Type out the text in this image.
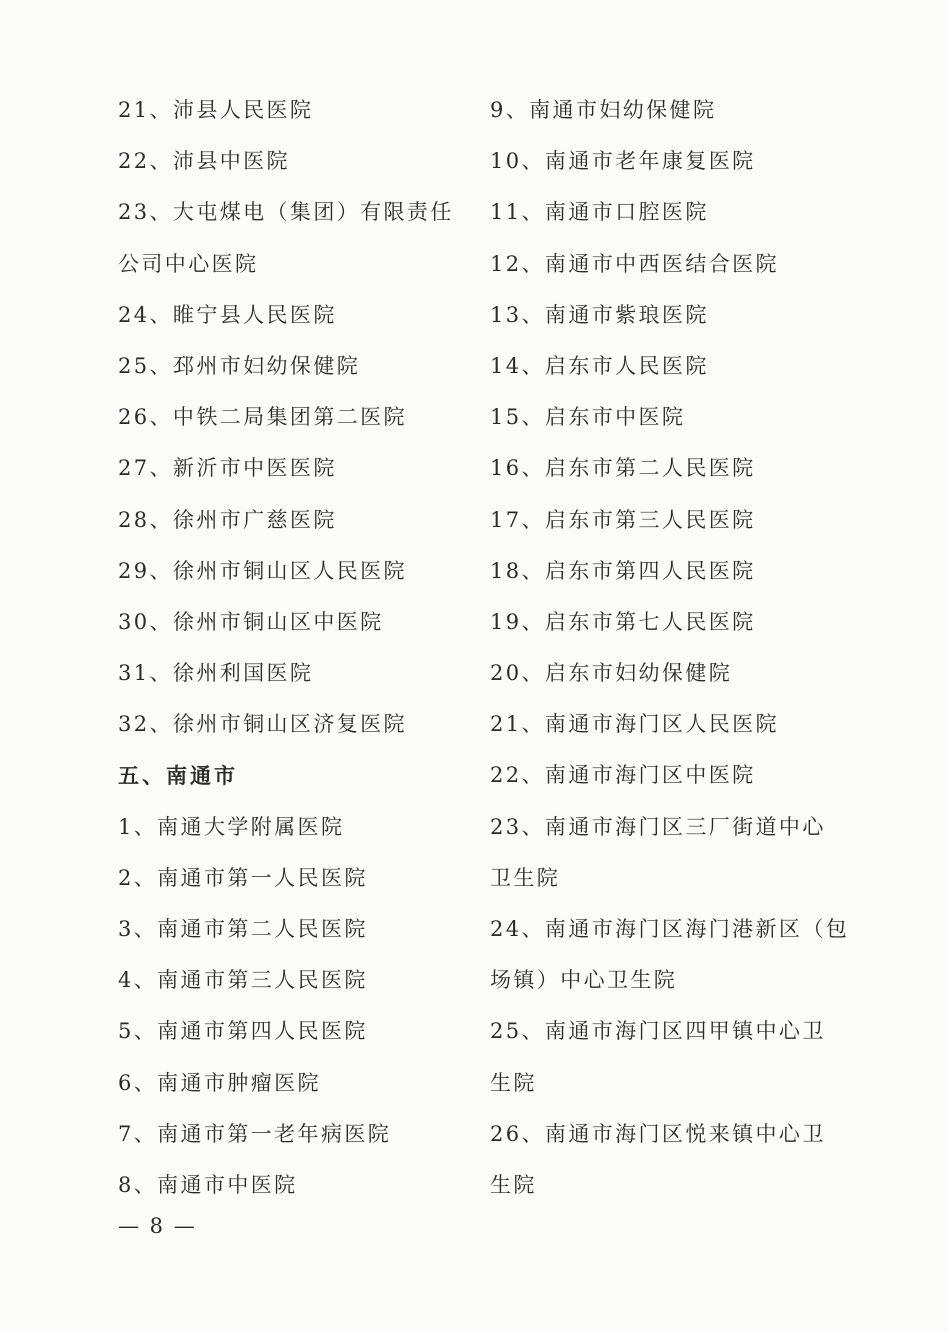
21、沛县人民医院
22、沛县中医院
23、大屯煤电（集团）有限责任
公司中心医院
24、睢宁县人民医院
25、邳州市妇幼保健院
26、中铁二局集团第二医院
27、新沂市中医医院
28、徐州市广慈医院
29、徐州市铜山区人民医院
30、徐州市铜山区中医院
31、徐州利国医院
32、徐州市铜山区济复医院
五、南通市
1、南通大学附属医院
2、南通市第一人民医院
3、南通市第二人民医院
4、南通市第三人民医院
5、南通市第四人民医院
6、南通市肿瘤医院
7、南通市第一老年病医院
8、南通市中医院
9、南通市妇幼保健院
10、南通市老年康复医院
11、南通市口腔医院
12、南通市中西医结合医院
13、南通市紫琅医院
14、启东市人民医院
15、启东市中医院
16、启东市第二人民医院
17、启东市第三人民医院
18、启东市第四人民医院
19、启东市第七人民医院
20、启东市妇幼保健院
21、南通市海门区人民医院
22、南通市海门区中医院
23、南通市海门区三厂街道中心
卫生院
24、南通市海门区海门港新区（包
场镇）中心卫生院
25、南通市海门区四甲镇中心卫
生院
26、南通市海门区悦来镇中心卫
生院
— 8 —
